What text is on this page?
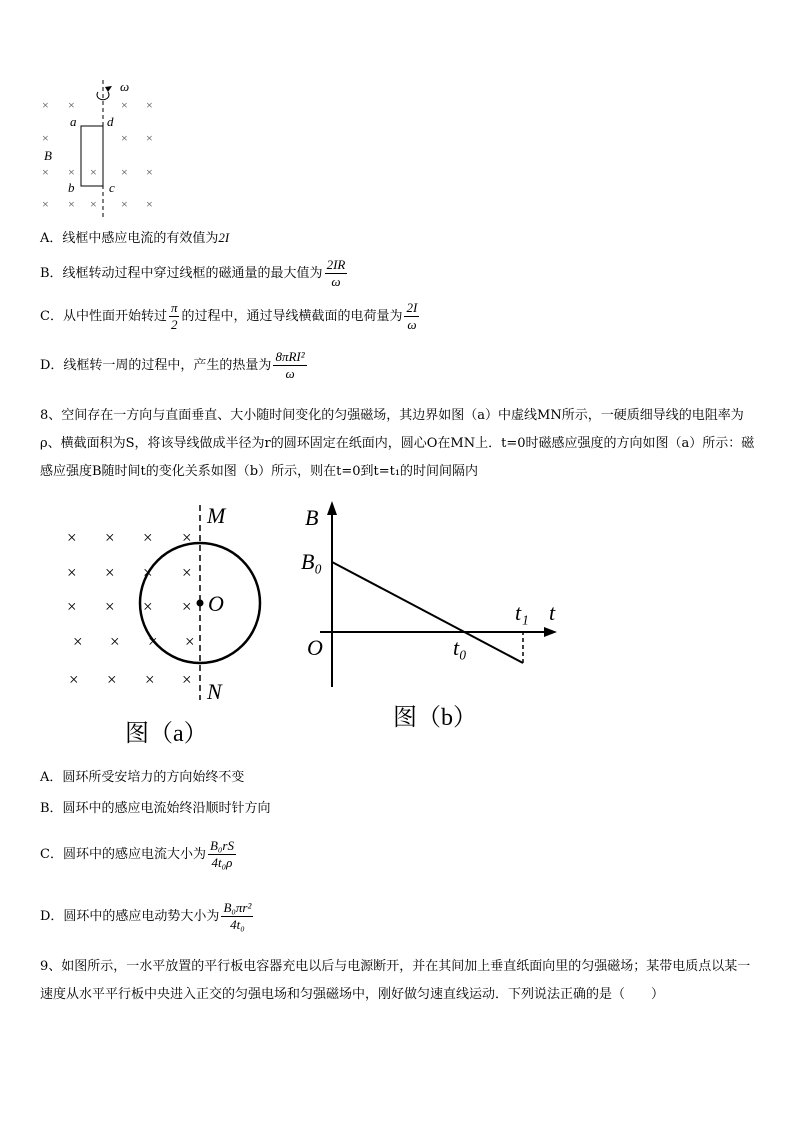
× ×	× ×
×	× ×
× × × × ×
× × × × ×
ω
a d
b	c
B
A．线框中感应电流的有效值为2I
B．线框转动过程中穿过线框的磁通量的最大值为 $\frac{2IR}{\omega}$
C．从中性面开始转过 $\frac{\pi}{2}$ 的过程中，通过导线横截面的电荷量为 $\frac{2I}{\omega}$
D．线框转一周的过程中，产生的热量为 $\frac{\text{8πRI²}}{\omega}$
8、空间存在一方向与直面垂直、大小随时间变化的匀强磁场，其边界如图（a）中虚线MN所示，一硬质细导线的电阻率为ρ、横截面积为S，将该导线做成半径为r的圆环固定在纸面内，圆心O在MN上．t=0时磁感应强度的方向如图（a）所示：磁感应强度B随时间t的变化关系如图（b）所示，则在t=0到t=t₁的时间间隔内
× × × ×
× × × ×
× × × ×
× × × ×
× × × ×
M
O
N
图（a）
B
B₀
O	t₀
t₁ t
图（b）
A．圆环所受安培力的方向始终不变
B．圆环中的感应电流始终沿顺时针方向
C．圆环中的感应电流大小为 $\frac{\text{B₀rS}}{\text{4t₀ρ}}$
D．圆环中的感应电动势大小为 $\frac{\text{B₀πr²}}{\text{4t₀}}$
9、如图所示，一水平放置的平行板电容器充电以后与电源断开，并在其间加上垂直纸面向里的匀强磁场；某带电质点以某一速度从水平平行板中央进入正交的匀强电场和匀强磁场中，刚好做匀速直线运动．下列说法正确的是（　　）
